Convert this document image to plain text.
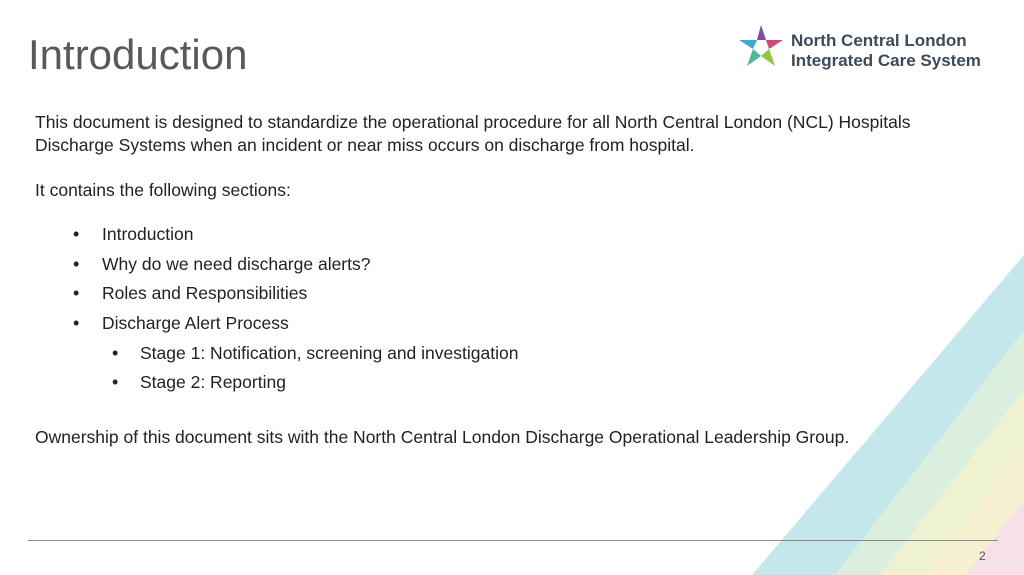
Introduction	North Central London
Integrated Care System

This document is designed to standardize the operational procedure for all North Central London (NCL) Hospitals Discharge Systems when an incident or near miss occurs on discharge from hospital.

It contains the following sections:

• Introduction
• Why do we need discharge alerts?
• Roles and Responsibilities
• Discharge Alert Process
• Stage 1: Notification, screening and investigation
• Stage 2: Reporting

Ownership of this document sits with the North Central London Discharge Operational Leadership Group.

2
